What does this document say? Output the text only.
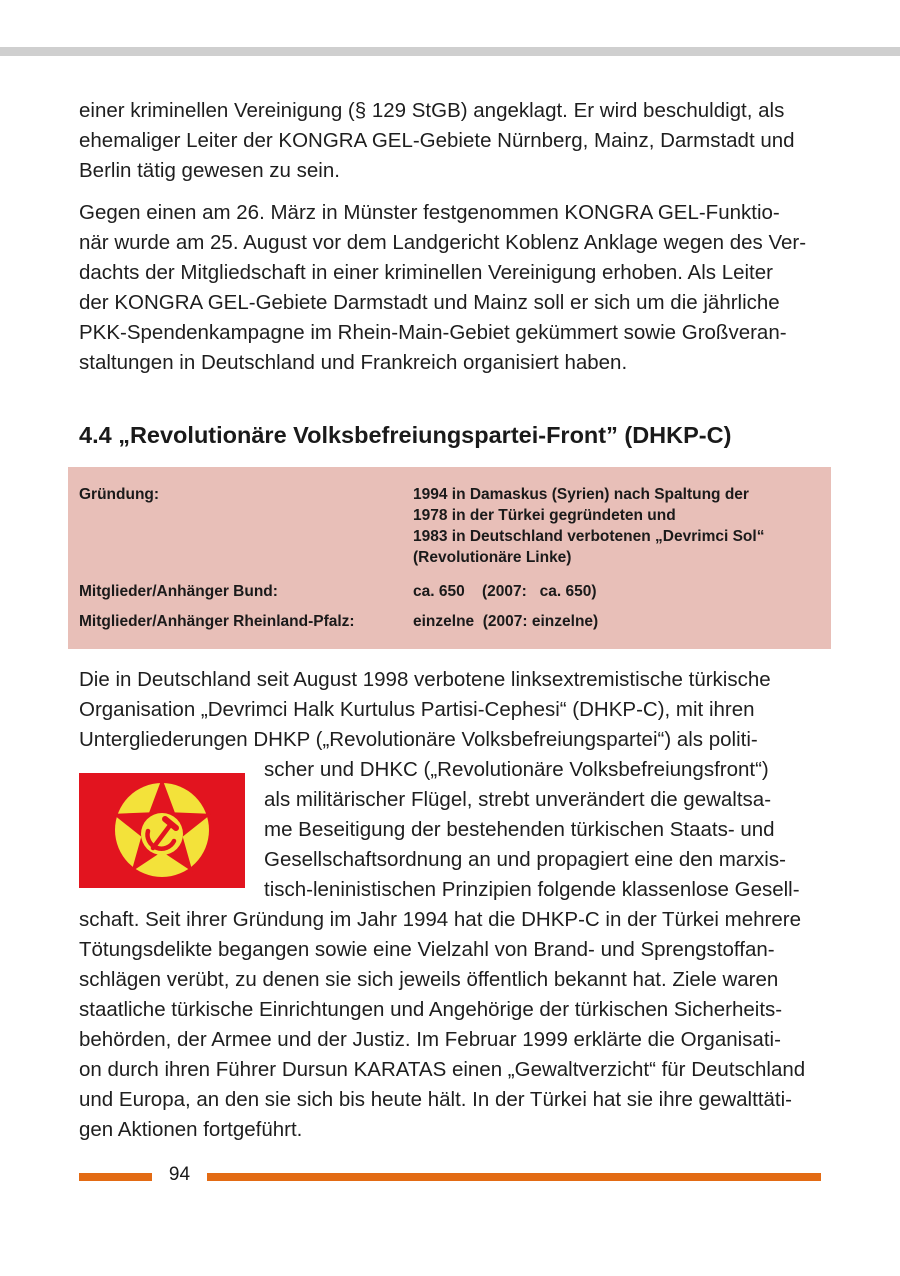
einer kriminellen Vereinigung (§ 129 StGB) angeklagt. Er wird beschuldigt, als
ehemaliger Leiter der KONGRA GEL-Gebiete Nürnberg, Mainz, Darmstadt und
Berlin tätig gewesen zu sein.
Gegen einen am 26. März in Münster festgenommen KONGRA GEL-Funktio-
när wurde am 25. August vor dem Landgericht Koblenz Anklage wegen des Ver-
dachts der Mitgliedschaft in einer kriminellen Vereinigung erhoben. Als Leiter
der KONGRA GEL-Gebiete Darmstadt und Mainz soll er sich um die jährliche
PKK-Spendenkampagne im Rhein-Main-Gebiet gekümmert sowie Großveran-
staltungen in Deutschland und Frankreich organisiert haben.
4.4 „Revolutionäre Volksbefreiungspartei-Front” (DHKP-C)
Gründung:	1994 in Damaskus (Syrien) nach Spaltung der
1978 in der Türkei gegründeten und
1983 in Deutschland verbotenen „Devrimci Sol“
(Revolutionäre Linke)
Mitglieder/Anhänger Bund:	ca. 650    (2007:   ca. 650)
Mitglieder/Anhänger Rheinland-Pfalz:	einzelne  (2007: einzelne)
Die in Deutschland seit August 1998 verbotene linksextremistische türkische
Organisation „Devrimci Halk Kurtulus Partisi-Cephesi“ (DHKP-C), mit ihren
Untergliederungen DHKP („Revolutionäre Volksbefreiungspartei“) als politi-
scher und DHKC („Revolutionäre Volksbefreiungsfront“)
als militärischer Flügel, strebt unverändert die gewaltsa-
me Beseitigung der bestehenden türkischen Staats- und
Gesellschaftsordnung an und propagiert eine den marxis-
tisch-leninistischen Prinzipien folgende klassenlose Gesell-
schaft. Seit ihrer Gründung im Jahr 1994 hat die DHKP-C in der Türkei mehrere
Tötungsdelikte begangen sowie eine Vielzahl von Brand- und Sprengstoffan-
schlägen verübt, zu denen sie sich jeweils öffentlich bekannt hat. Ziele waren
staatliche türkische Einrichtungen und Angehörige der türkischen Sicherheits-
behörden, der Armee und der Justiz. Im Februar 1999 erklärte die Organisati-
on durch ihren Führer Dursun KARATAS einen „Gewaltverzicht“ für Deutschland
und Europa, an den sie sich bis heute hält. In der Türkei hat sie ihre gewalttäti-
gen Aktionen fortgeführt.
94
